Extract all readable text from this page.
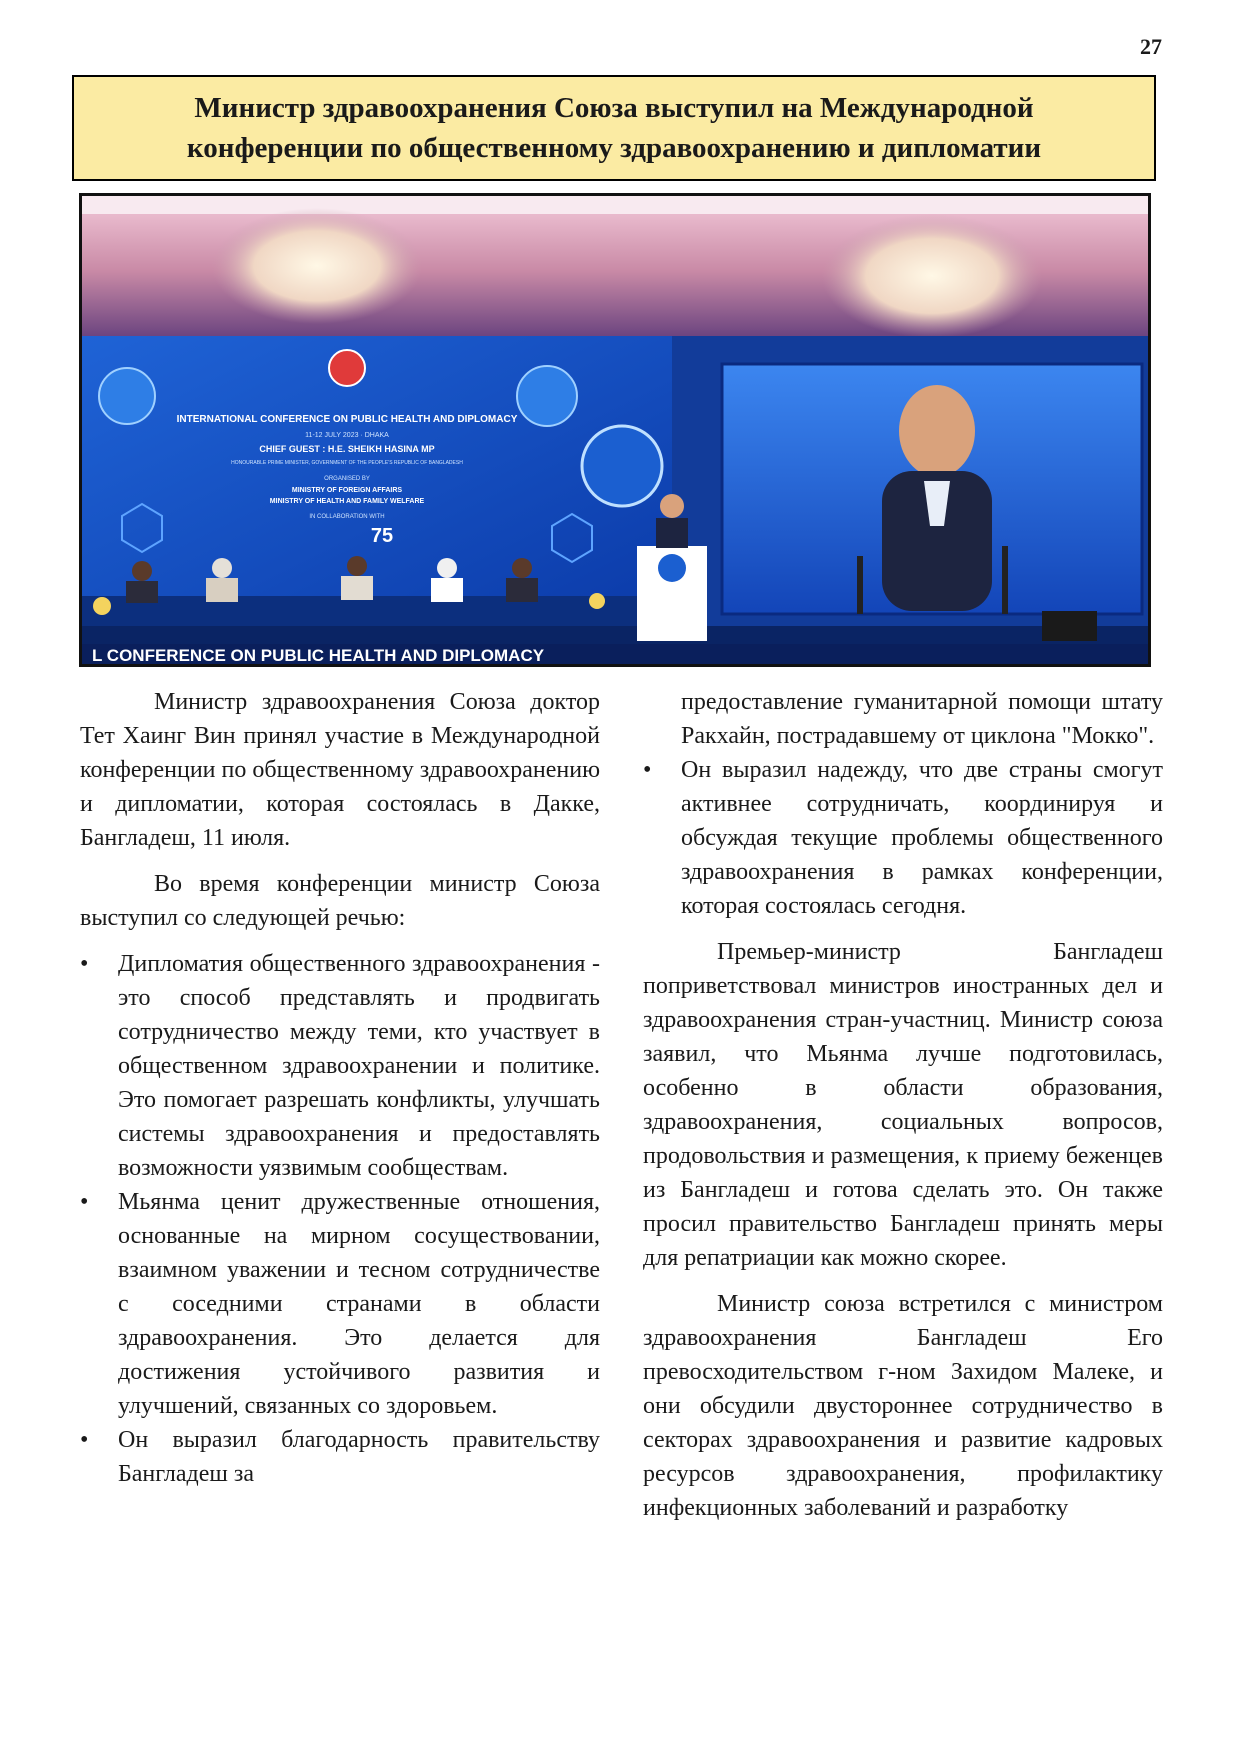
27
Министр здравоохранения Союза выступил на Международной
конференции по общественному здравоохранению и дипломатии
INTERNATIONAL CONFERENCE ON PUBLIC HEALTH AND DIPLOMACY
11-12 JULY 2023 · DHAKA
CHIEF GUEST : H.E. SHEIKH HASINA MP
HONOURABLE PRIME MINISTER, GOVERNMENT OF THE PEOPLE'S REPUBLIC OF BANGLADESH
ORGANISED BY
MINISTRY OF FOREIGN AFFAIRS
MINISTRY OF HEALTH AND FAMILY WELFARE
IN COLLABORATION WITH
75
L CONFERENCE ON PUBLIC HEALTH AND DIPLOMACY

Министр здравоохранения Союза доктор Тет Хаинг Вин принял участие в Международной конференции по общественному здравоохранению и дипломатии, которая состоялась в Дакке, Бангладеш, 11 июля.

Во время конференции министр Союза выступил со следующей речью:

• Дипломатия общественного здравоохранения - это способ представлять и продвигать сотрудничество между теми, кто участвует в общественном здравоохранении и политике. Это помогает разрешать конфликты, улучшать системы здравоохранения и предоставлять возможности уязвимым сообществам.
• Мьянма ценит дружественные отношения, основанные на мирном сосуществовании, взаимном уважении и тесном сотрудничестве с соседними странами в области здравоохранения. Это делается для достижения устойчивого развития и улучшений, связанных со здоровьем.
• Он выразил благодарность правительству Бангладеш за
предоставление гуманитарной помощи штату Ракхайн, пострадавшему от циклона "Мокко".
• Он выразил надежду, что две страны смогут активнее сотрудничать, координируя и обсуждая текущие проблемы общественного здравоохранения в рамках конференции, которая состоялась сегодня.

Премьер-министр Бангладеш поприветствовал министров иностранных дел и здравоохранения стран-участниц. Министр союза заявил, что Мьянма лучше подготовилась, особенно в области образования, здравоохранения, социальных вопросов, продовольствия и размещения, к приему беженцев из Бангладеш и готова сделать это. Он также просил правительство Бангладеш принять меры для репатриации как можно скорее.

Министр союза встретился с министром здравоохранения Бангладеш Его превосходительством г-ном Захидом Малеке, и они обсудили двустороннее сотрудничество в секторах здравоохранения и развитие кадровых ресурсов здравоохранения, профилактику инфекционных заболеваний и разработку
